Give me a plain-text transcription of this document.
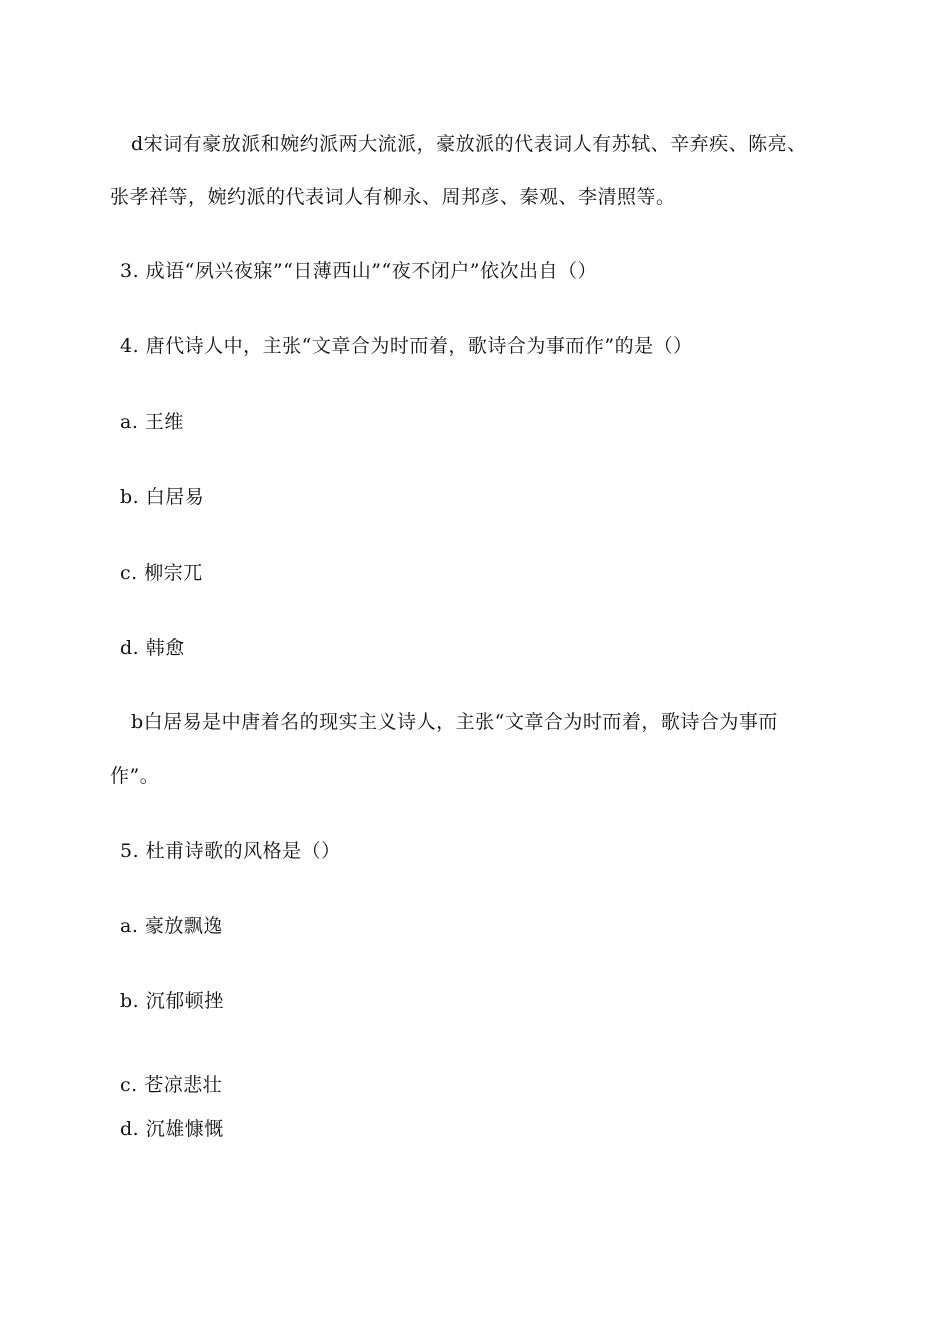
d宋词有豪放派和婉约派两大流派，豪放派的代表词人有苏轼、辛弃疾、陈亮、
张孝祥等，婉约派的代表词人有柳永、周邦彦、秦观、李清照等。
3. 成语“夙兴夜寐”“日薄西山”“夜不闭户”依次出自（）
4. 唐代诗人中，主张“文章合为时而着，歌诗合为事而作”的是（）
a. 王维
b. 白居易
c. 柳宗兀
d. 韩愈
b白居易是中唐着名的现实主义诗人，主张“文章合为时而着，歌诗合为事而
作”。
5. 杜甫诗歌的风格是（）
a. 豪放飘逸
b. 沉郁顿挫
c. 苍凉悲壮
d. 沉雄慷慨
